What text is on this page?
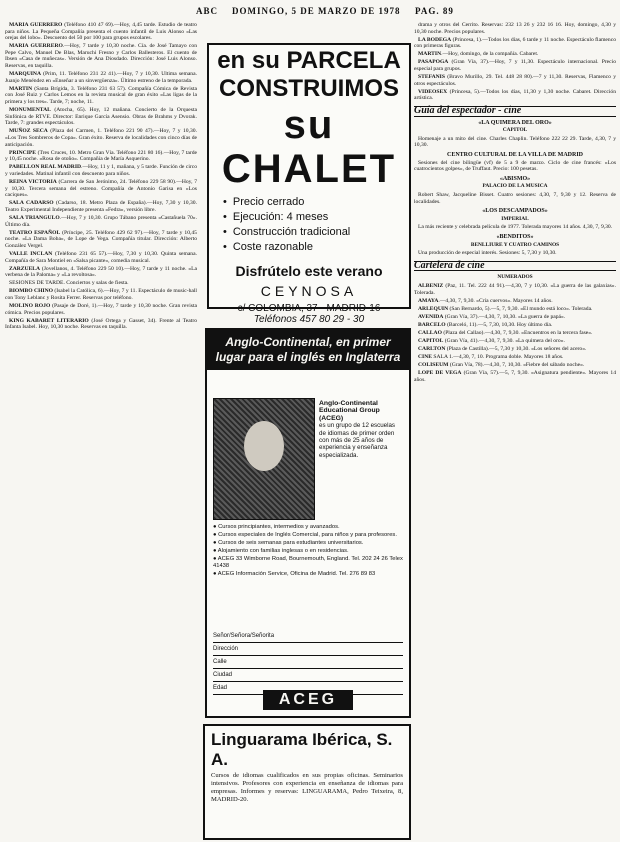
ABC DOMINGO, 5 DE MARZO DE 1978 PAG. 89

MARIA GUERRERO (Teléfono 410 47 69).—Hoy, 4,45 tarde. Estudio de teatro para niños. La Pequeña Compañía presenta el cuento infantil de Luis Alonso «Las orejas del lobo». Descuento del 50 por 100 para grupos escolares.

MARIA GUERRERO.—Hoy, 7 tarde y 10,30 noche. Cía. de José Tamayo con Pepe Calvo, Manuel De Blas, Maruchi Fresno y Carlos Ballesteros. El cuento de Ibsen «Casa de muñecas». Versión de Ana Diosdado. Dirección: José Luis Alonso. Reservas, en taquilla.

MARQUINA (Prim, 11. Teléfono 231 22 41).—Hoy, 7 y 10,30. Ultima semana. Juanjo Menéndez en «Enseñar a un sinvergüenza». Último estreno de la temporada.

MARTIN (Santa Brígida, 3. Teléfono 231 63 57). Compañía Cómica de Revista con José Ruiz y Carlos Lemos en la revista musical de gran éxito «Las ligas de la primera y los tres». Tarde, 7; noche, 11.

MONUMENTAL (Atocha, 65). Hoy, 12 mañana. Concierto de la Orquesta Sinfónica de RTVE. Director: Enrique García Asensio. Obras de Brahms y Dvorak. Tarde, 7: grandes espectáculos.

MUÑOZ SECA (Plaza del Carmen, 1. Teléfono 221 90 47).—Hoy, 7 y 10,30. «Los Tres Sombreros de Copa». Gran éxito. Reserva de localidades con cinco días de anticipación.

PRINCIPE (Tres Cruces, 10. Metro Gran Vía. Teléfono 221 80 16).—Hoy, 7 tarde y 10,45 noche. «Rosa de otoño». Compañía de María Asquerino.

PABELLON REAL MADRID.—Hoy, 11 y 1, mañana, y 5 tarde. Función de circo y variedades. Matinal infantil con descuento para niños.

REINA VICTORIA (Carrera de San Jerónimo, 24. Teléfono 229 58 90).—Hoy, 7 y 10,30. Tercera semana del estreno. Compañía de Antonio Garisa en «Los caciques».

SALA CADARSO (Cadarso, 18. Metro Plaza de España).—Hoy, 7,30 y 10,30. Teatro Experimental Independiente presenta «Fedra», versión libre.

SALA TRIANGULO.—Hoy, 7 y 10,30. Grupo Tábano presenta «Castañuela 70». Último día.

TEATRO ESPAÑOL (Príncipe, 25. Teléfono 429 62 97).—Hoy, 7 tarde y 10,45 noche. «La Dama Boba», de Lope de Vega. Compañía titular. Dirección: Alberto González Vergel.

VALLE INCLAN (Teléfono 231 65 57).—Hoy, 7,30 y 10,30. Quinta semana. Compañía de Sara Montiel en «Salsa picante», comedia musical.

ZARZUELA (Jovellanos, 4. Teléfono 229 50 10).—Hoy, 7 tarde y 11 noche. «La verbena de la Paloma» y «La revoltosa».

SESIONES DE TARDE. Conciertos y salas de fiesta.

BIOMBO CHINO (Isabel la Católica, 6).—Hoy, 7 y 11. Espectáculo de music-hall con Tony Leblanc y Rosita Ferrer. Reservas por teléfono.

MOLINO ROJO (Pasaje de Doré, 1).—Hoy, 7 tarde y 10,30 noche. Gran revista cómica. Precios populares.

KING KABARET LITERARIO (José Ortega y Gasset, 34). Frente al Teatro Infanta Isabel. Hoy, 10,30 noche. Reservas en taquilla.

en su PARCELA
CONSTRUIMOS
su CHALET
• Precio cerrado
• Ejecución: 4 meses
• Construcción tradicional
• Coste razonable
Disfrútelo este verano
CEYNOSA
c/ COLOMBIA, 37 - MADRID-16
Teléfonos 457 80 29 - 30
Anglo-Continental, en primer lugar para el inglés en Inglaterra
Anglo-Continental Educational Group (ACEG)
es un grupo de 12 escuelas de idiomas de primer orden con más de 25 años de experiencia y enseñanza especializada.

● Cursos principiantes, intermedios y avanzados.

● Cursos especiales de Inglés Comercial, para niños y para profesores.

● Cursos de seis semanas para estudiantes universitarios.

● Alojamiento con familias inglesas o en residencias.

● ACEG 33 Wimborne Road, Bournemouth, England. Tel. 202 24 26 Telex 41438

● ACEG Información Service, Oficina de Madrid. Tel. 276 89 83

Señor/Señora/Señorita
Dirección
Calle
Ciudad
Edad
ACEG
Linguarama Ibérica, S. A.
Cursos de idiomas cualificados en sus propias oficinas. Seminarios intensivos. Profesores con experiencia en enseñanza de idiomas para empresas. Informes y reservas: LINGUARAMA, Pedro Teixeira, 8, MADRID-20.

drama y otros del Cerrito. Reservas: 232 13 26 y 232 16 16. Hoy, domingo, 4,30 y 10,30 noche. Precios populares.

LA BODEGA (Princesa, 1).—Todos los días, 6 tarde y 11 noche. Espectáculo flamenco con primeras figuras.

MARTIN.—Hoy, domingo, de la compañía. Cabaret.

PASAPOGA (Gran Vía, 37).—Hoy, 7 y 11,30. Espectáculo internacional. Precio especial para grupos.

STEFANIS (Bravo Murillo, 29. Tel. 448 28 80).—7 y 11,30. Reservas, Flamenco y otros espectáculos.

VIDEOSEX (Princesa, 5).—Todos los días, 11,30 y 1,30 noche. Cabaret. Dirección artística.

Guía del espectador - cine
«LA QUIMERA DEL ORO»
CAPITOL

Homenaje a un mito del cine. Charles Chaplin. Teléfono 222 22 29. Tarde, 4,30, 7 y 10,30.

CENTRO CULTURAL DE LA VILLA DE MADRID

Sesiones del cine bilingüe (vf) de 5 a 9 de marzo. Ciclo de cine francés: «Los cuatrocientos golpes», de Truffaut. Precio: 100 pesetas.

«ABISMO»
PALACIO DE LA MUSICA

Robert Shaw, Jacqueline Bisset. Cuatro sesiones: 4,30, 7, 9,30 y 12. Reserva de localidades.

«LOS DESCAMPADOS»
IMPERIAL

La más reciente y celebrada película de 1977. Tolerada mayores 14 años. 4,30, 7, 9,30.

«BENDITOS»
BENLLIURE Y CUATRO CAMINOS

Una producción de especial interés. Sesiones: 5, 7,30 y 10,30.

Cartelera de cine
NUMERADOS

ALBENIZ (Paz, 11. Tel. 222 44 91).—4,30, 7 y 10,30. «La guerra de las galaxias». Tolerada.

AMAYA.—4,30, 7, 9,30. «Cría cuervos». Mayores 14 años.

ARLEQUIN (San Bernardo, 5).—5, 7, 9,30. «El mundo está loco». Tolerada.

AVENIDA (Gran Vía, 37).—4,30, 7, 10,30. «La guerra de papá».

BARCELO (Barceló, 11).—5, 7,30, 10,30. Hoy último día.

CALLAO (Plaza del Callao).—4,30, 7, 9,30. «Encuentros en la tercera fase».

CAPITOL (Gran Vía, 41).—4,30, 7, 9,30. «La quimera del oro».

CARLTON (Plaza de Castilla).—5, 7,30 y 10,30. «Los señores del acero».

CINE SALA 1.—4,30, 7, 10. Programa doble. Mayores 18 años.

COLISEUM (Gran Vía, 78).—4,30, 7, 10,30. «Fiebre del sábado noche».

LOPE DE VEGA (Gran Vía, 57).—5, 7, 9,30. «Asignatura pendiente». Mayores 14 años.
